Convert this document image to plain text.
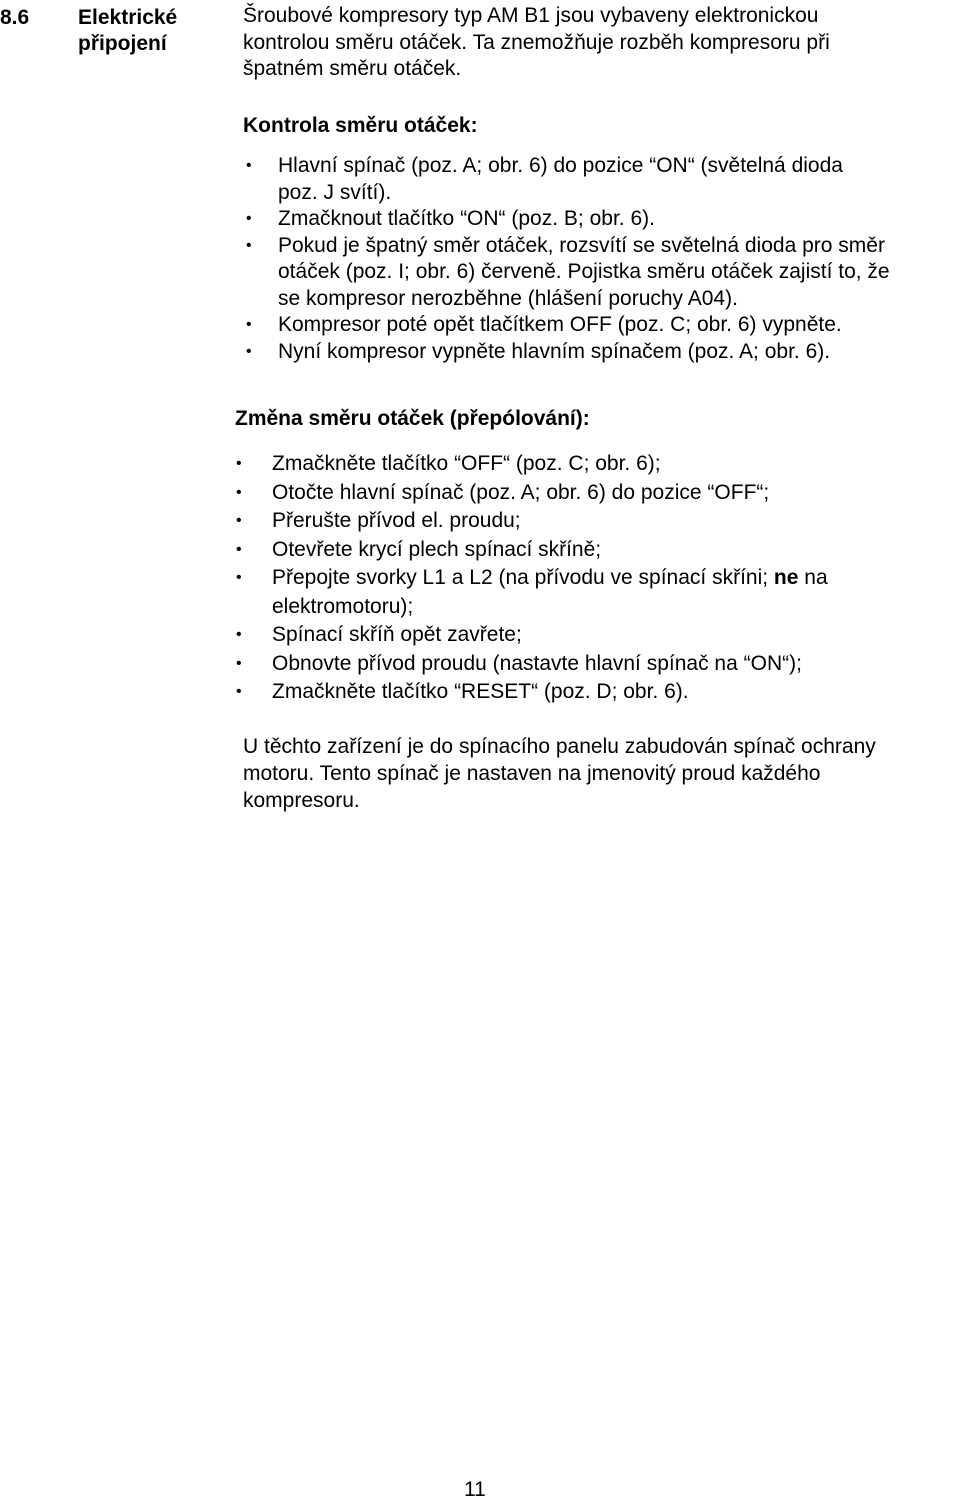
8.6 Elektrické
připojení
Šroubové kompresory typ AM B1 jsou vybaveny elektronickou
kontrolou směru otáček. Ta znemožňuje rozběh kompresoru při
špatném směru otáček.
Kontrola směru otáček:
• Hlavní spínač (poz. A; obr. 6) do pozice “ON“ (světelná dioda
poz. J svítí).
• Zmačknout tlačítko “ON“ (poz. B; obr. 6).
• Pokud je špatný směr otáček, rozsvítí se světelná dioda pro směr
otáček (poz. I; obr. 6) červeně. Pojistka směru otáček zajistí to, že
se kompresor nerozběhne (hlášení poruchy A04).
• Kompresor poté opět tlačítkem OFF (poz. C; obr. 6) vypněte.
• Nyní kompresor vypněte hlavním spínačem (poz. A; obr. 6).
Změna směru otáček (přepólování):
• Zmačkněte tlačítko “OFF“ (poz. C; obr. 6);
• Otočte hlavní spínač (poz. A; obr. 6) do pozice “OFF“;
• Přerušte přívod el. proudu;
• Otevřete krycí plech spínací skříně;
• Přepojte svorky L1 a L2 (na přívodu ve spínací skříni; ne na
elektromotoru);
• Spínací skříň opět zavřete;
• Obnovte přívod proudu (nastavte hlavní spínač na “ON“);
• Zmačkněte tlačítko “RESET“ (poz. D; obr. 6).
U těchto zařízení je do spínacího panelu zabudován spínač ochrany
motoru. Tento spínač je nastaven na jmenovitý proud každého
kompresoru.
11
